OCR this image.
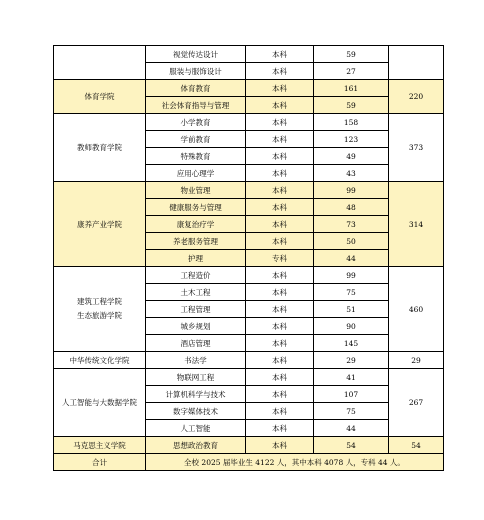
	视觉传达设计	本科	59	
	服装与服饰设计	本科	27	
体育学院	体育教育	本科	161	220
	社会体育指导与管理	本科	59	
教师教育学院	小学教育	本科	158	373
	学前教育	本科	123	
	特殊教育	本科	49	
	应用心理学	本科	43	
康养产业学院	物业管理	本科	99	314
	健康服务与管理	本科	48	
	康复治疗学	本科	73	
	养老服务管理	本科	50	
	护理	专科	44	

建筑工程学院
生态旅游学院	工程造价	本科	99	460
	土木工程	本科	75	
	工程管理	本科	51	
	城乡规划	本科	90	
	酒店管理	本科	145	
中华传统文化学院	书法学	本科	29	29
人工智能与大数据学院	物联网工程	本科	41	267
	计算机科学与技术	本科	107	
	数字媒体技术	本科	75	
	人工智能	本科	44	
马克思主义学院	思想政治教育	本科	54	54
合计	全校 2025 届毕业生 4122 人，其中本科 4078 人，专科 44 人。			
